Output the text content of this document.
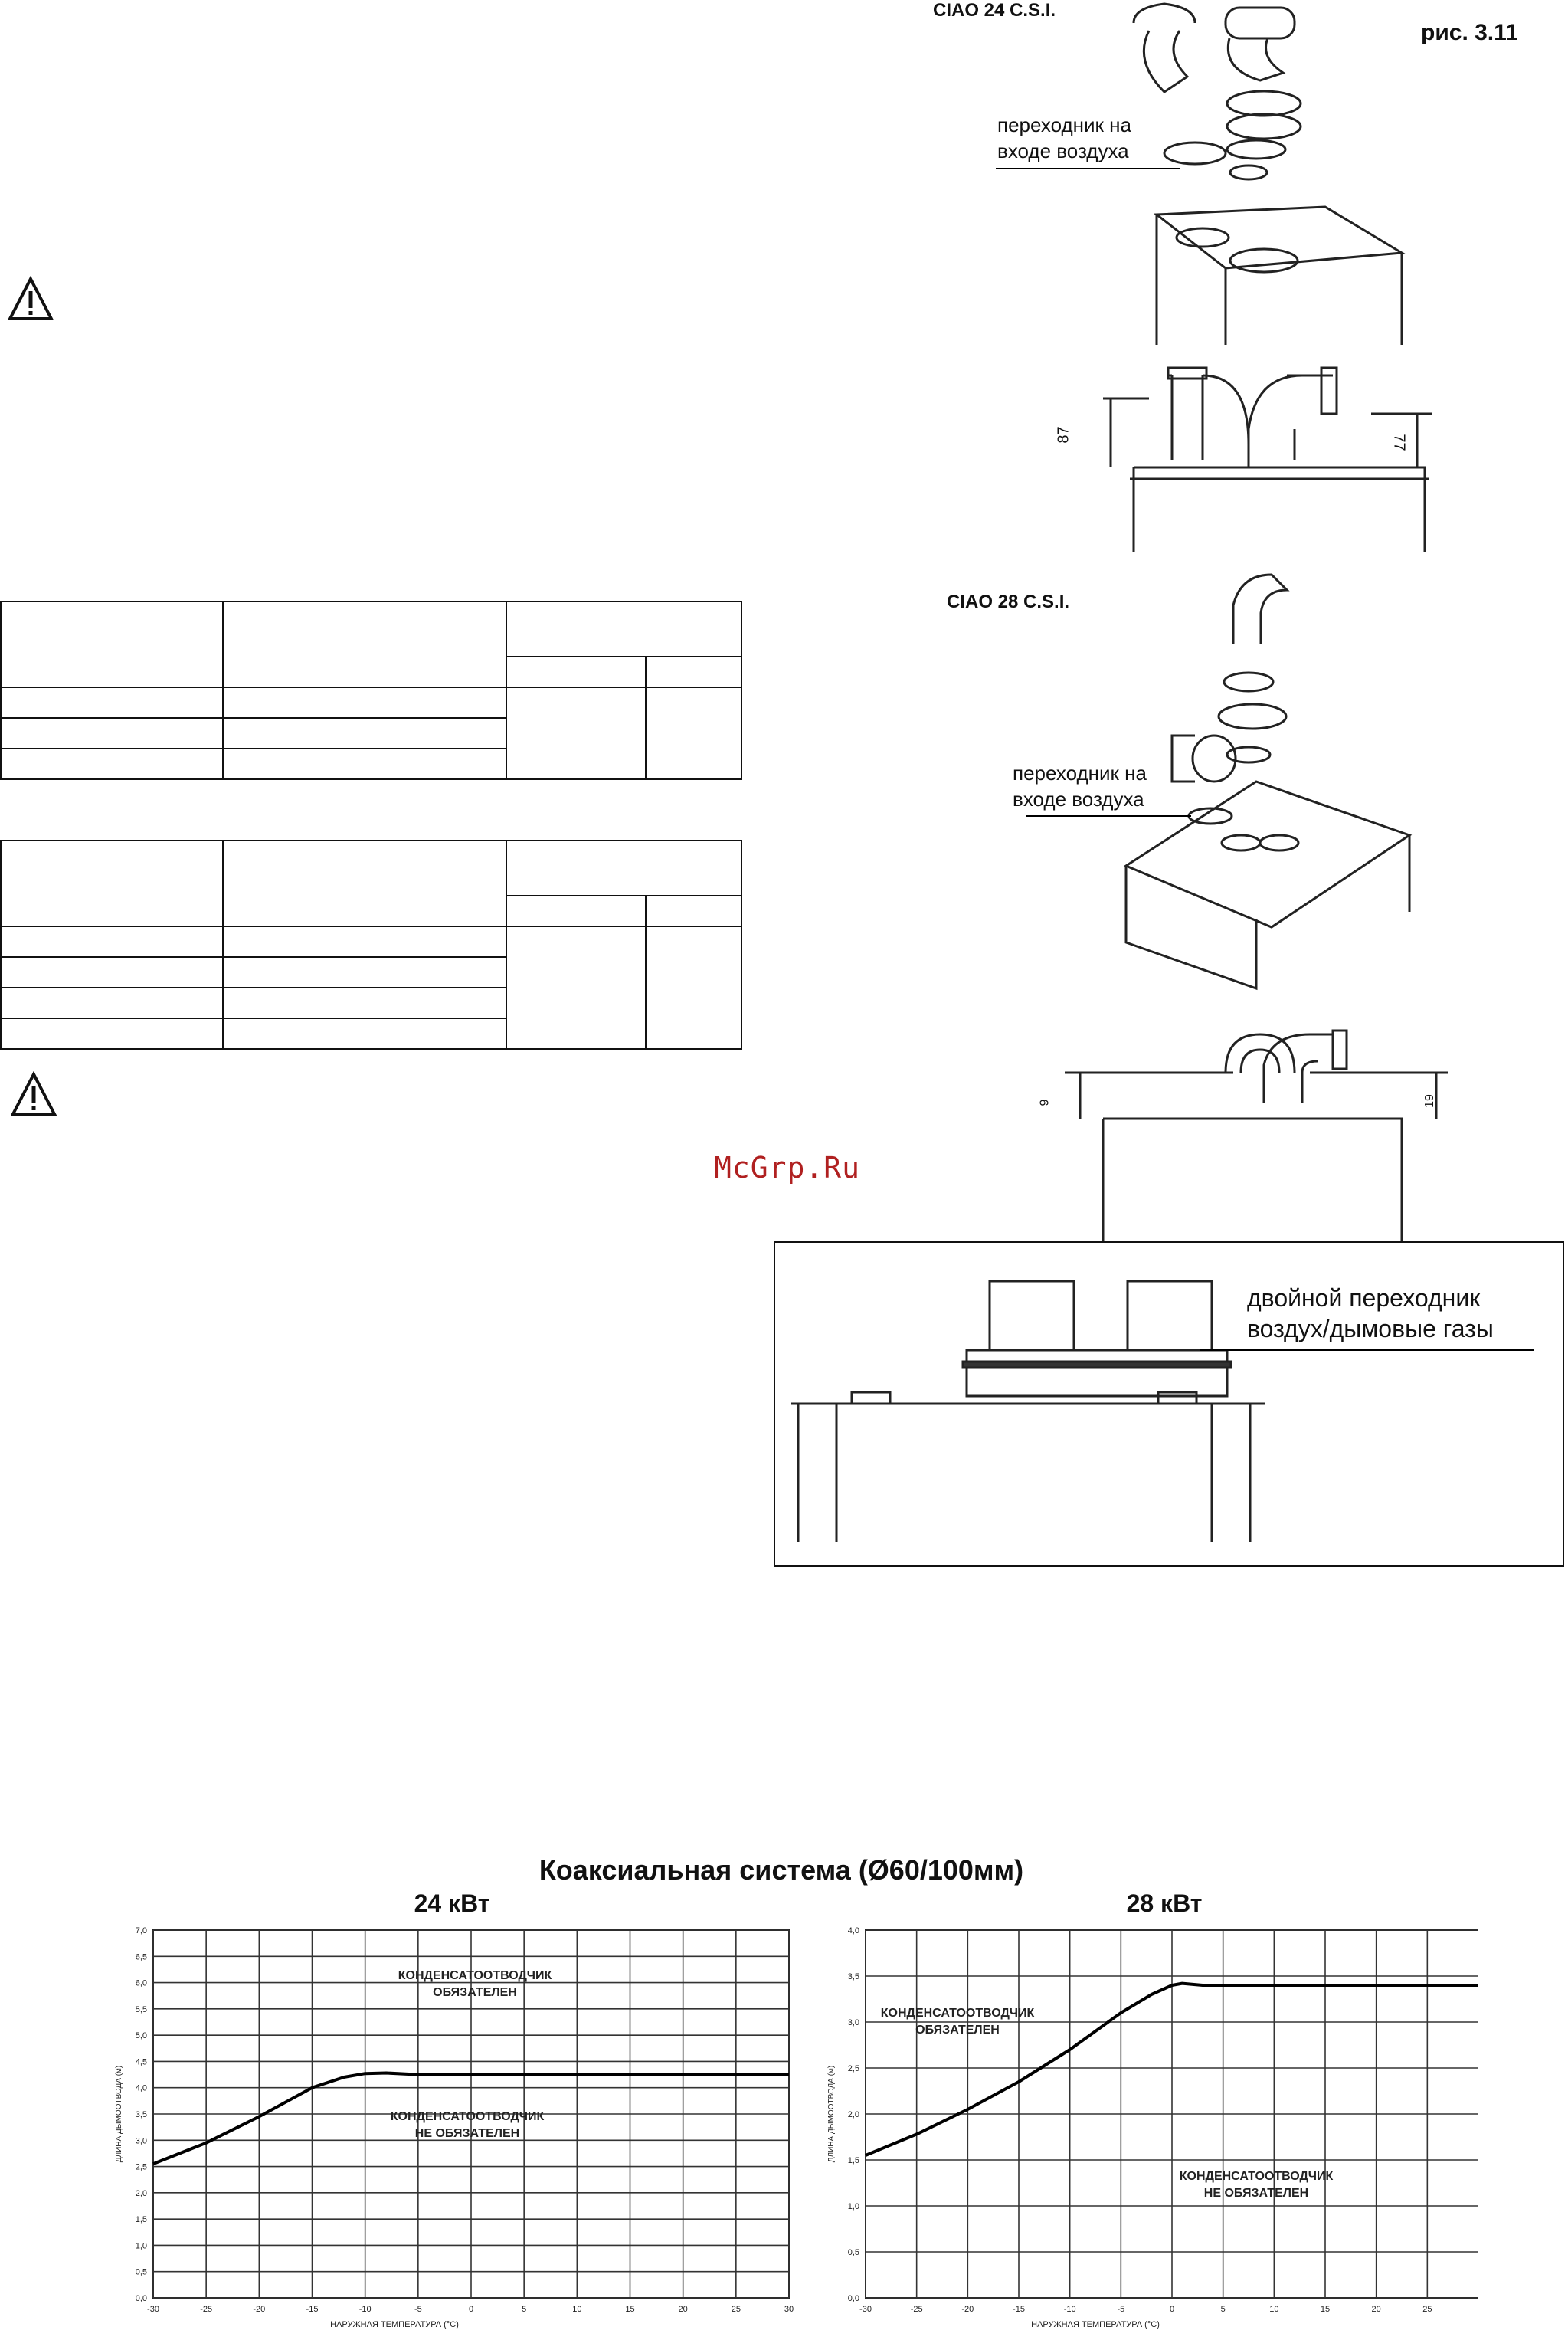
CIAO 24 C.S.I.
рис. 3.11
переходник на
входе воздуха
87	77
CIAO 28 C.S.I.
переходник на
входе воздуха
9	19
двойной переходник
воздух/дымовые газы
McGrp.Ru
Коаксиальная система (Ø60/100мм)
24 кВт	28 кВт
0,0
0,5
1,0
1,5
2,0
2,5
3,0
3,5
4,0
4,5
5,0
5,5
6,0
6,5
7,0
-30	-25	-20	-15	-10	-5	0	5	10	15	20	25	30
НАРУЖНАЯ ТЕМПЕРАТУРА (°C)
ДЛИНА ДЫМООТВОДА (м)
КОНДЕНСАТООТВОДЧИК
ОБЯЗАТЕЛЕН
КОНДЕНСАТООТВОДЧИК
НЕ ОБЯЗАТЕЛЕН
0,0
0,5
1,0
1,5
2,0
2,5
3,0
3,5
4,0
-30	-25	-20	-15	-10	-5	0	5	10	15	20	25
НАРУЖНАЯ ТЕМПЕРАТУРА (°C)
ДЛИНА ДЫМООТВОДА (м)
КОНДЕНСАТООТВОДЧИК
ОБЯЗАТЕЛЕН
КОНДЕНСАТООТВОДЧИК
НЕ ОБЯЗАТЕЛЕН
